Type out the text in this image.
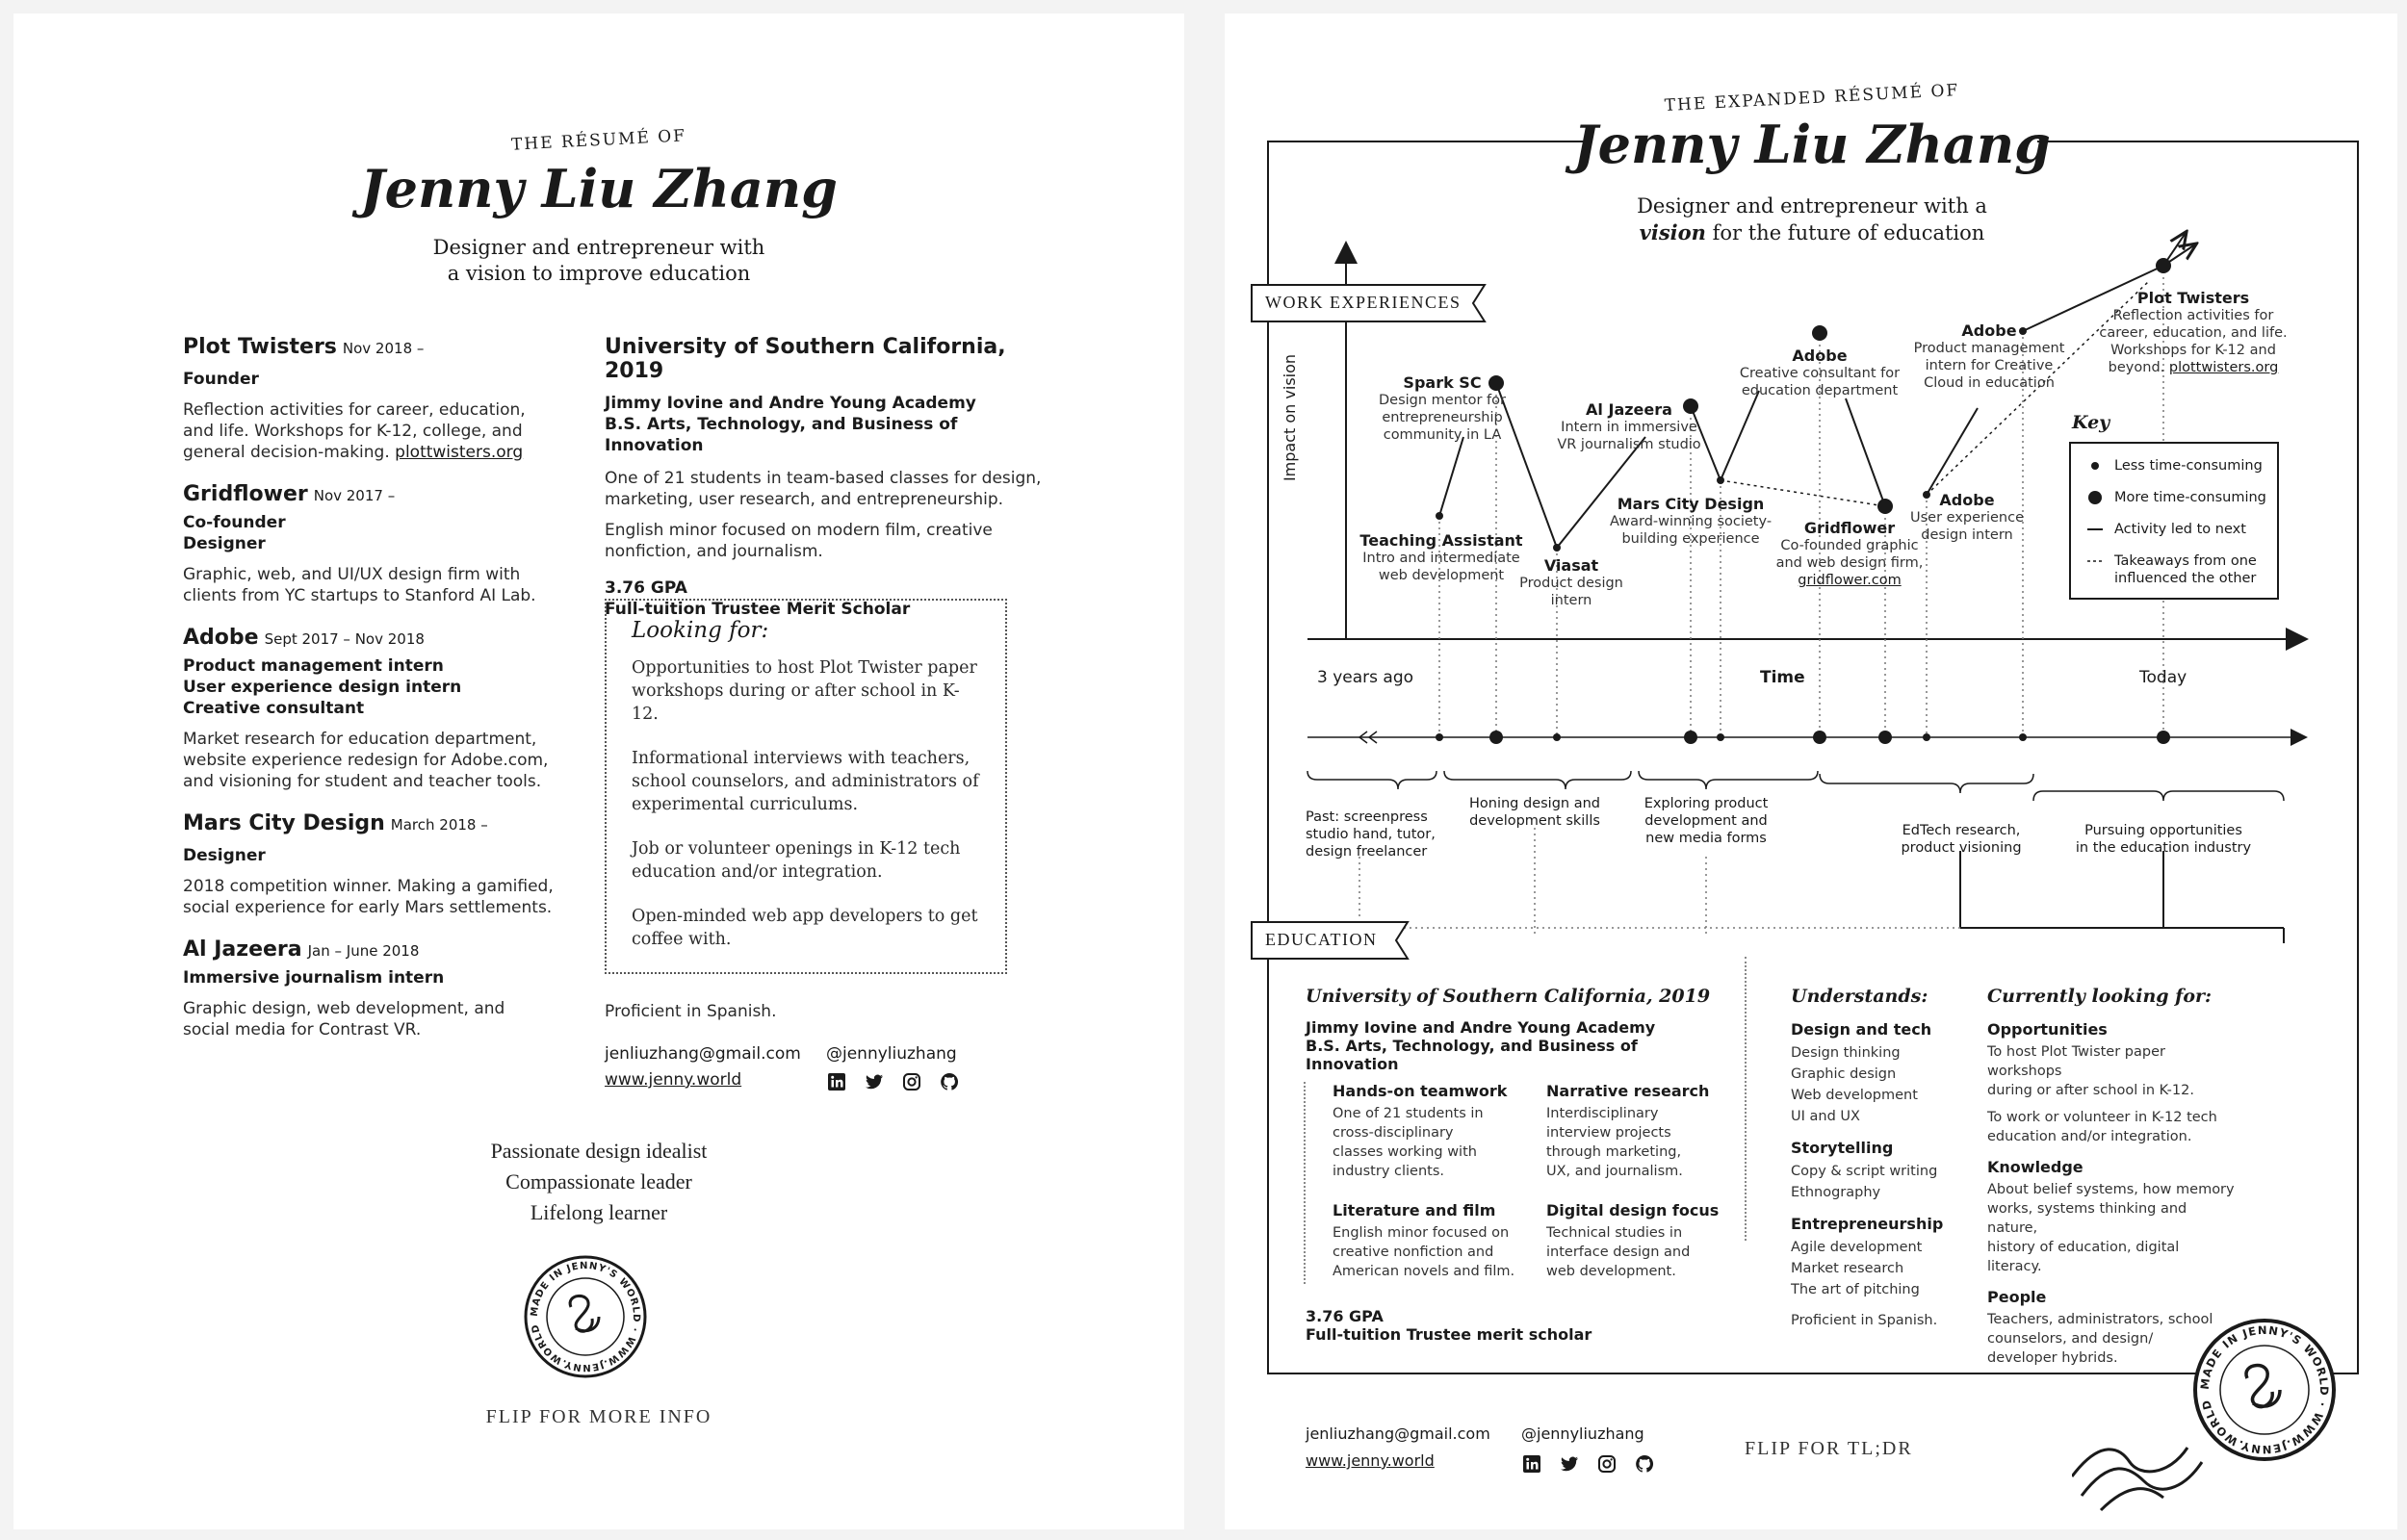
THE RÉSUMÉ OF
Jenny Liu Zhang
Designer and entrepreneur with
a vision to improve education
Plot Twisters Nov 2018 –
Founder

Reflection activities for career, education,

and life. Workshops for K-12, college, and

general decision-making. plottwisters.org

Gridflower Nov 2017 –
Co-founder
Designer

Graphic, web, and UI/UX design firm with

clients from YC startups to Stanford AI Lab.

Adobe Sept 2017 – Nov 2018
Product management intern
User experience design intern
Creative consultant

Market research for education department,

website experience redesign for Adobe.com,

and visioning for student and teacher tools.

Mars City Design March 2018 –
Designer

2018 competition winner. Making a gamified,

social experience for early Mars settlements.

Al Jazeera Jan – June 2018
Immersive journalism intern

Graphic design, web development, and

social media for Contrast VR.

University of Southern California, 2019
Jimmy Iovine and Andre Young Academy
B.S. Arts, Technology, and Business of Innovation

One of 21 students in team-based classes for design,

marketing, user research, and entrepreneurship.

English minor focused on modern film, creative

nonfiction, and journalism.

3.76 GPA
Full-tuition Trustee Merit Scholar
Looking for:

Opportunities to host Plot Twister paper

workshops during or after school in K-12.

Informational interviews with teachers,

school counselors, and administrators of

experimental curriculums.

Job or volunteer openings in K-12 tech

education and/or integration.

Open-minded web app developers to get

coffee with.

Proficient in Spanish.
jenliuzhang@gmail.com @jennyliuzhang
www.jenny.world

Passionate design idealist
Compassionate leader
Lifelong learner
MADE IN JENNY'S WORLD · WWW.JENNY.WORLD
FLIP FOR MORE INFO
THE EXPANDED RÉSUMÉ OF
Jenny Liu Zhang
Designer and entrepreneur with a
vision for the future of education
WORK EXPERIENCES
EDUCATION
Impact on vision
3 years ago	Time	Today
Spark SC
Design mentor for
entrepreneurship
community in LA
Teaching Assistant
Intro and intermediate
web development
Viasat
Product design
intern
Al Jazeera
Intern in immersive
VR journalism studio
Mars City Design
Award-winning society-
building experience
Adobe
Creative consultant for
education department
Gridflower
Co-founded graphic
and web design firm,
gridflower.com
Adobe
Product management
intern for Creative
Cloud in education
Adobe
User experience
design intern
Plot Twisters
Reflection activities for
career, education, and life.
Workshops for K-12 and
beyond. plottwisters.org
Key
Less time-consuming
More time-consuming
Activity led to next
Takeaways from one
influenced the other
Past: screenpress
studio hand, tutor,
design freelancer
Honing design and
development skills
Exploring product
development and
new media forms	EdTech research,
product visioning
Pursuing opportunities
in the education industry
University of Southern California, 2019
Jimmy Iovine and Andre Young Academy
B.S. Arts, Technology, and Business of Innovation
Hands-on teamwork
One of 21 students in
cross-disciplinary
classes working with
industry clients.
Narrative research
Interdisciplinary
interview projects
through marketing,
UX, and journalism.
Literature and film
English minor focused on
creative nonfiction and
American novels and film.
Digital design focus
Technical studies in
interface design and
web development.
3.76 GPA
Full-tuition Trustee merit scholar
Understands:
Design and tech
Design thinking
Graphic design
Web development
UI and UX
Storytelling
Copy & script writing
Ethnography
Entrepreneurship
Agile development
Market research
The art of pitching
Proficient in Spanish.
Currently looking for:
Opportunities
To host Plot Twister paper workshops
during or after school in K-12.
To work or volunteer in K-12 tech
education and/or integration.
Knowledge
About belief systems, how memory
works, systems thinking and nature,
history of education, digital literacy.
People
Teachers, administrators, school
counselors, and design/
developer hybrids.
jenliuzhang@gmail.com @jennyliuzhang
www.jenny.world

FLIP FOR TL;DR
MADE IN JENNY'S WORLD · WWW.JENNY.WORLD
